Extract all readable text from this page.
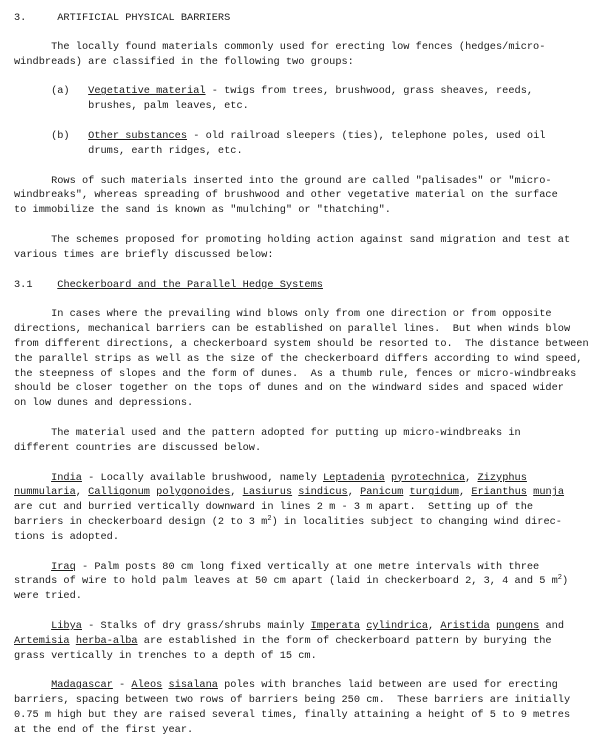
3.     ARTIFICIAL PHYSICAL BARRIERS
The locally found materials commonly used for erecting low fences (hedges/micro-
windbreads) are classified in the following two groups:
(a)   Vegetative material - twigs from trees, brushwood, grass sheaves, reeds,
brushes, palm leaves, etc.
(b)   Other substances - old railroad sleepers (ties), telephone poles, used oil
drums, earth ridges, etc.
Rows of such materials inserted into the ground are called "palisades" or "micro-
windbreaks", whereas spreading of brushwood and other vegetative material on the surface
to immobilize the sand is known as "mulching" or "thatching".
The schemes proposed for promoting holding action against sand migration and test at
various times are briefly discussed below:
3.1    Checkerboard and the Parallel Hedge Systems
In cases where the prevailing wind blows only from one direction or from opposite
directions, mechanical barriers can be established on parallel lines.  But when winds blow
from different directions, a checkerboard system should be resorted to.  The distance between
the parallel strips as well as the size of the checkerboard differs according to wind speed,
the steepness of slopes and the form of dunes.  As a thumb rule, fences or micro-windbreaks
should be closer together on the tops of dunes and on the windward sides and spaced wider
on low dunes and depressions.
The material used and the pattern adopted for putting up micro-windbreaks in
different countries are discussed below.
India - Locally available brushwood, namely Leptadenia pyrotechnica, Zizyphus
nummularia, Calligonum polygonoides, Lasiurus sindicus, Panicum turgidum, Erianthus munja
are cut and burried vertically downward in lines 2 m - 3 m apart.  Setting up of the
barriers in checkerboard design (2 to 3 $m^2$) in localities subject to changing wind direc-
tions is adopted.
Iraq - Palm posts 80 cm long fixed vertically at one metre intervals with three
strands of wire to hold palm leaves at 50 cm apart (laid in checkerboard 2, 3, 4 and 5 $m^2$)
were tried.
Libya - Stalks of dry grass/shrubs mainly Imperata cylindrica, Aristida pungens and
Artemisia herba-alba are established in the form of checkerboard pattern by burying the
grass vertically in trenches to a depth of 15 cm.
Madagascar - Aleos sisalana poles with branches laid between are used for erecting
barriers, spacing between two rows of barriers being 250 cm.  These barriers are initially
0.75 m high but they are raised several times, finally attaining a height of 5 to 9 metres
at the end of the first year.
